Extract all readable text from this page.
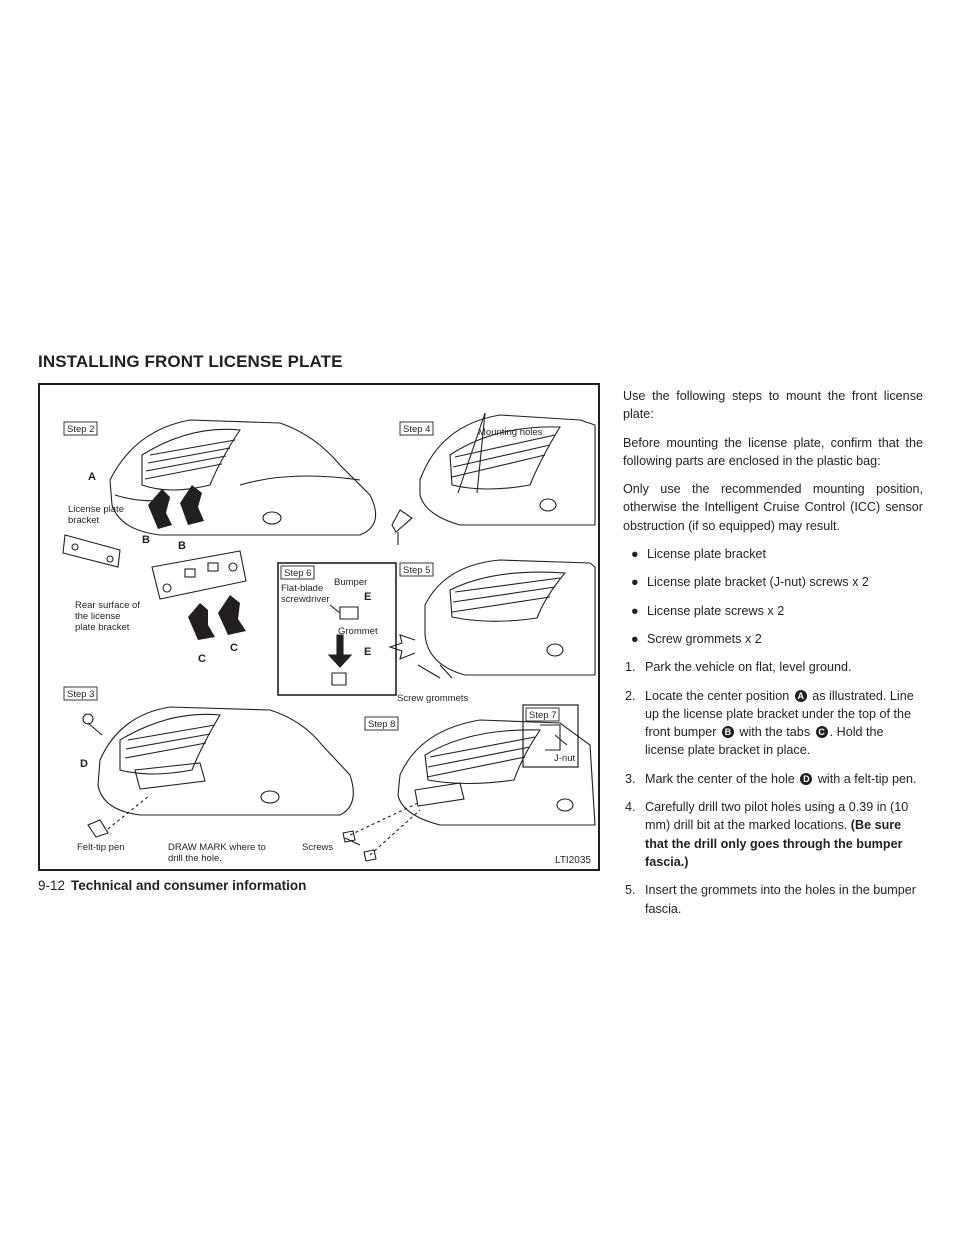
INSTALLING FRONT LICENSE PLATE
Step 2
Step 3
Step 4
Step 5
Step 6
Step 7
Step 8
License plate
bracket
Rear surface of
the license
plate bracket
Mounting holes
Flat-blade
screwdriver
Bumper
Grommet
Screw grommets
J-nut
Felt-tip pen	DRAW MARK where to
drill the hole.
Screws
A
B	B
C
C
D
E
E
LTI2035

Use the following steps to mount the front license plate:

Before mounting the license plate, confirm that the following parts are enclosed in the plastic bag:

Only use the recommended mounting position, otherwise the Intelligent Cruise Control (ICC) sensor obstruction (if so equipped) may result.

● License plate bracket
● License plate bracket (J-nut) screws x 2
● License plate screws x 2
● Screw grommets x 2
1. Park the vehicle on flat, level ground.
2. Locate the center position A as illustrated. Line up the license plate bracket under the top of the front bumper B with the tabs C . Hold the license plate bracket in place.
3. Mark the center of the hole D with a felt-tip pen.
4. Carefully drill two pilot holes using a 0.39 in (10 mm) drill bit at the marked locations. (Be sure that the drill only goes through the bumper fascia.)
5. Insert the grommets into the holes in the bumper fascia.
9-12 Technical and consumer information
